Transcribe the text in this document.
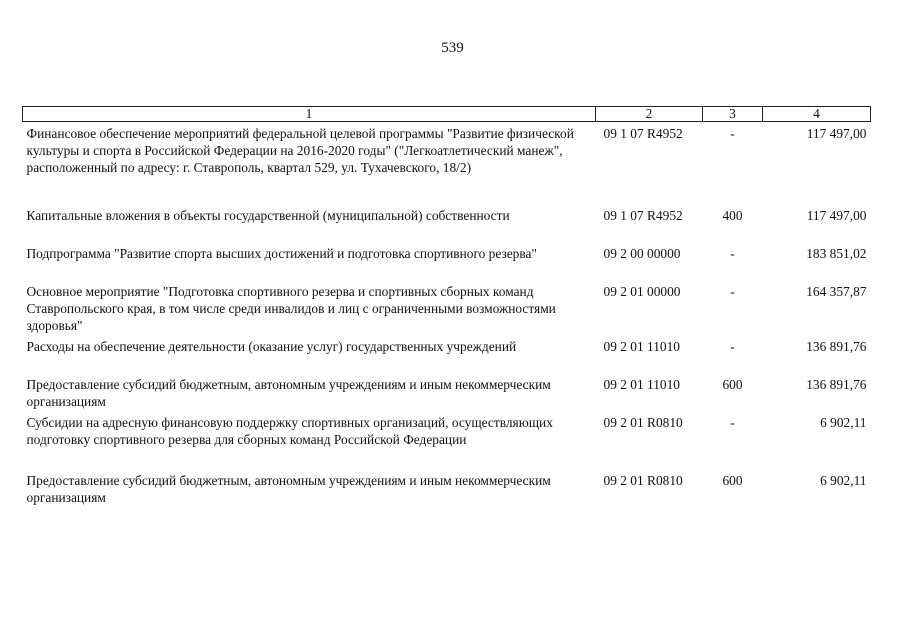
539
1	2	3	4
Финансовое обеспечение мероприятий федеральной целевой программы "Развитие физической культуры и спорта в Российской Федерации на 2016-2020 годы" ("Легкоатлетический манеж", расположенный по адресу: г. Ставрополь, квартал 529, ул. Тухачевского, 18/2)	09 1 07 R4952	-	117 497,00
Капитальные вложения в объекты государственной (муниципальной) собственности	09 1 07 R4952	400	117 497,00
Подпрограмма "Развитие спорта высших достижений и подготовка спортивного резерва"	09 2 00 00000	-	183 851,02
Основное мероприятие "Подготовка спортивного резерва и спортивных сборных команд Ставропольского края, в том числе среди инвалидов и лиц с ограниченными возможностями здоровья"	09 2 01 00000	-	164 357,87
Расходы на обеспечение деятельности (оказание услуг) государственных учреждений	09 2 01 11010	-	136 891,76
Предоставление субсидий бюджетным, автономным учреждениям и иным некоммерческим организациям	09 2 01 11010	600	136 891,76
Субсидии на адресную финансовую поддержку спортивных организаций, осуществляющих подготовку спортивного резерва для сборных команд Российской Федерации	09 2 01 R0810	-	6 902,11
Предоставление субсидий бюджетным, автономным учреждениям и иным некоммерческим организациям	09 2 01 R0810	600	6 902,11
